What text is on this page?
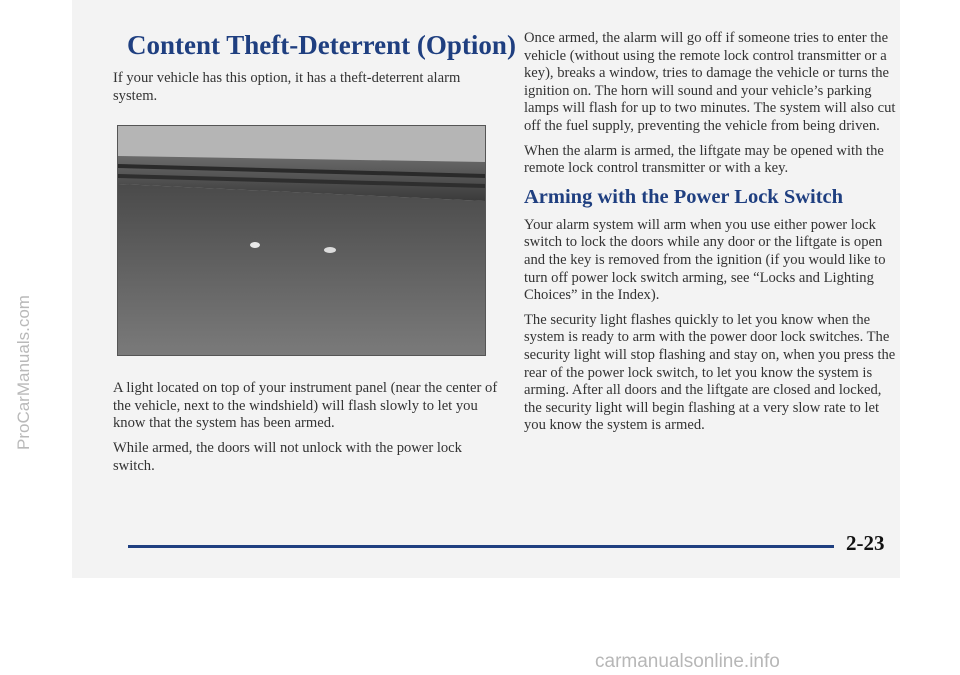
ProCarManuals.com
Content Theft-Deterrent (Option)

If your vehicle has this option, it has a theft-deterrent alarm system.

A light located on top of your instrument panel (near the center of the vehicle, next to the windshield) will flash slowly to let you know that the system has been armed.

While armed, the doors will not unlock with the power lock switch.

Once armed, the alarm will go off if someone tries to enter the vehicle (without using the remote lock control transmitter or a key), breaks a window, tries to damage the vehicle or turns the ignition on. The horn will sound and your vehicle’s parking lamps will flash for up to two minutes. The system will also cut off the fuel supply, preventing the vehicle from being driven.

When the alarm is armed, the liftgate may be opened with the remote lock control transmitter or with a key.

Arming with the Power Lock Switch

Your alarm system will arm when you use either power lock switch to lock the doors while any door or the liftgate is open and the key is removed from the ignition (if you would like to turn off power lock switch arming, see “Locks and Lighting Choices” in the Index).

The security light flashes quickly to let you know when the system is ready to arm with the power door lock switches. The security light will stop flashing and stay on, when you press the rear of the power lock switch, to let you know the system is arming. After all doors and the liftgate are closed and locked, the security light will begin flashing at a very slow rate to let you know the system is armed.

2-23
carmanualsonline.info
